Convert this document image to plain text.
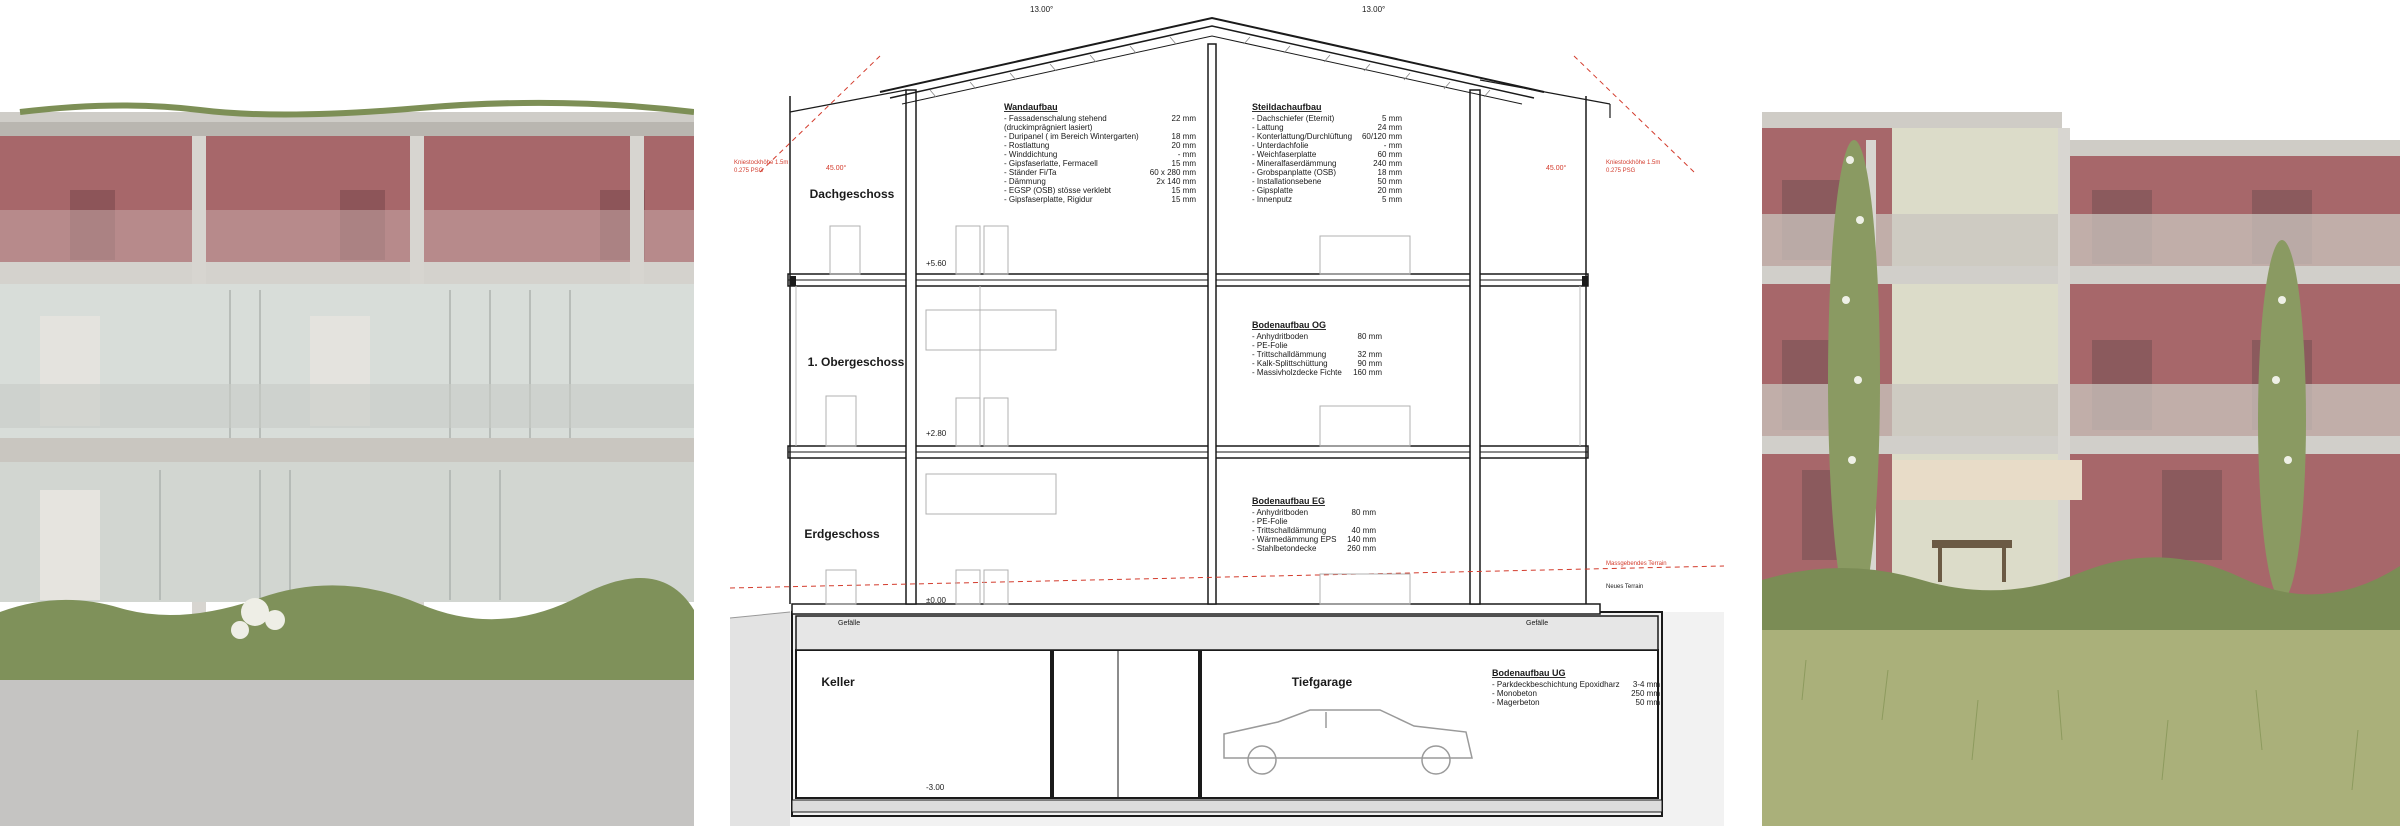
13.00°	13.00°
Dachgeschoss
1. Obergeschoss
Erdgeschoss
Keller	Tiefgarage
+5.60
+2.80
±0.00
-3.00
Gefälle	Gefälle
Massgebendes Terrain
Neues Terrain
Kniestockhöhe 1.5m
0.275 PSG
Kniestockhöhe 1.5m
0.275 PSG
45.00°	45.00°
Wandaufbau
- Fassadenschalung stehend	22 mm
(druckimprägniert lasiert)
- Duripanel ( im Bereich Wintergarten)	18 mm
- Rostlattung	20 mm
- Winddichtung	- mm
- Gipsfaserlatte, Fermacell	15 mm
- Ständer Fi/Ta	60 x 280 mm
- Dämmung	2x 140 mm
- EGSP (OSB) stösse verklebt	15 mm
- Gipsfaserplatte, Rigidur	15 mm
Steildachaufbau
- Dachschiefer (Eternit)	5 mm
- Lattung	24 mm
- Konterlattung/Durchlüftung 60/120 mm
- Unterdachfolie	- mm
- Weichfaserplatte	60 mm
- Mineralfaserdämmung	240 mm
- Grobspanplatte (OSB)	18 mm
- Installationsebene	50 mm
- Gipsplatte	20 mm
- Innenputz	5 mm
Bodenaufbau OG
- Anhydritboden	80 mm
- PE-Folie
- Trittschalldämmung	32 mm
- Kalk-Splittschüttung	90 mm
- Massivholzdecke Fichte 160 mm
Bodenaufbau EG
- Anhydritboden	80 mm
- PE-Folie
- Trittschalldämmung	40 mm
- Wärmedämmung EPS 140 mm
- Stahlbetondecke	260 mm
Bodenaufbau UG
- Parkdeckbeschichtung Epoxidharz 3-4 mm
- Monobeton	250 mm
- Magerbeton	50 mm
